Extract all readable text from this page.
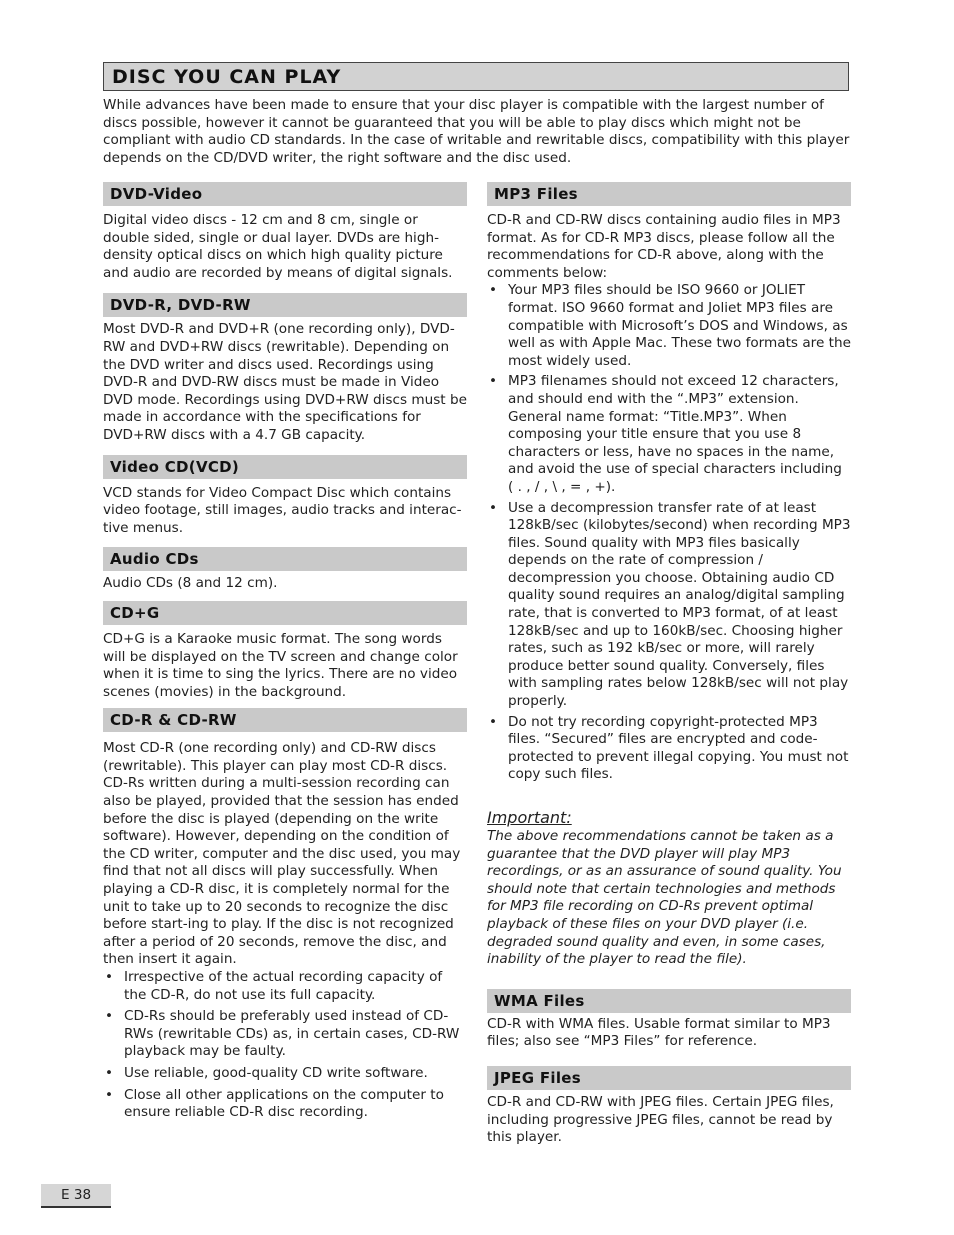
DISC YOU CAN PLAY

While advances have been made to ensure that your disc player is compatible with the largest number of discs possible, however it cannot be guaranteed that you will be able to play discs which might not be compliant with audio CD standards. In the case of writable and rewritable discs, compatibility with this player depends on the CD/DVD writer, the right software and the disc used.

DVD-Video

Digital video discs - 12 cm and 8 cm, single or double sided, single or dual layer. DVDs are high-density optical discs on which high quality picture and audio are recorded by means of digital signals.

DVD-R, DVD-RW

Most DVD-R and DVD+R (one recording only), DVD-RW and DVD+RW discs (rewritable). Depending on the DVD writer and discs used. Recordings using DVD-R and DVD-RW discs must be made in Video DVD mode. Recordings using DVD+RW discs must be made in accordance with the specifications for DVD+RW discs with a 4.7 GB capacity.

Video CD(VCD)

VCD stands for Video Compact Disc which contains video footage, still images, audio tracks and interac-tive menus.

Audio CDs

Audio CDs (8 and 12 cm).

CD+G

CD+G is a Karaoke music format. The song words will be displayed on the TV screen and change color when it is time to sing the lyrics. There are no video scenes (movies) in the background.

CD-R & CD-RW

Most CD-R (one recording only) and CD-RW discs (rewritable). This player can play most CD-R discs. CD-Rs written during a multi-session recording can also be played, provided that the session has ended before the disc is played (depending on the write software). However, depending on the condition of the CD writer, computer and the disc used, you may find that not all discs will play successfully. When playing a CD-R disc, it is completely normal for the unit to take up to 20 seconds to recognize the disc before start-ing to play. If the disc is not recognized after a period of 20 seconds, remove the disc, and then insert it again.

• Irrespective of the actual recording capacity of the CD-R, do not use its full capacity.
• CD-Rs should be preferably used instead of CD-RWs (rewritable CDs) as, in certain cases, CD-RW playback may be faulty.
• Use reliable, good-quality CD write software.
• Close all other applications on the computer to ensure reliable CD-R disc recording.
MP3 Files

CD-R and CD-RW discs containing audio files in MP3 format. As for CD-R MP3 discs, please follow all the recommendations for CD-R above, along with the comments below:

• Your MP3 files should be ISO 9660 or JOLIET format. ISO 9660 format and Joliet MP3 files are compatible with Microsoft’s DOS and Windows, as well as with Apple Mac. These two formats are the most widely used.
• MP3 filenames should not exceed 12 characters, and should end with the “.MP3” extension. General name format: “Title.MP3”. When composing your title ensure that you use 8 characters or less, have no spaces in the name, and avoid the use of special characters including ( . , / , \ , = , +).
• Use a decompression transfer rate of at least 128kB/sec (kilobytes/second) when recording MP3 files. Sound quality with MP3 files basically depends on the rate of compression / decompression you choose. Obtaining audio CD quality sound requires an analog/digital sampling rate, that is converted to MP3 format, of at least 128kB/sec and up to 160kB/sec. Choosing higher rates, such as 192 kB/sec or more, will rarely produce better sound quality. Conversely, files with sampling rates below 128kB/sec will not play properly.
• Do not try recording copyright-protected MP3 files. “Secured” files are encrypted and code-protected to prevent illegal copying. You must not copy such files.

Important:

The above recommendations cannot be taken as a guarantee that the DVD player will play MP3 recordings, or as an assurance of sound quality. You should note that certain technologies and methods for MP3 file recording on CD-Rs prevent optimal playback of these files on your DVD player (i.e. degraded sound quality and even, in some cases, inability of the player to read the file).

WMA Files

CD-R with WMA files. Usable format similar to MP3 files; also see “MP3 Files” for reference.

JPEG Files

CD-R and CD-RW with JPEG files. Certain JPEG files, including progressive JPEG files, cannot be read by this player.

E 38
